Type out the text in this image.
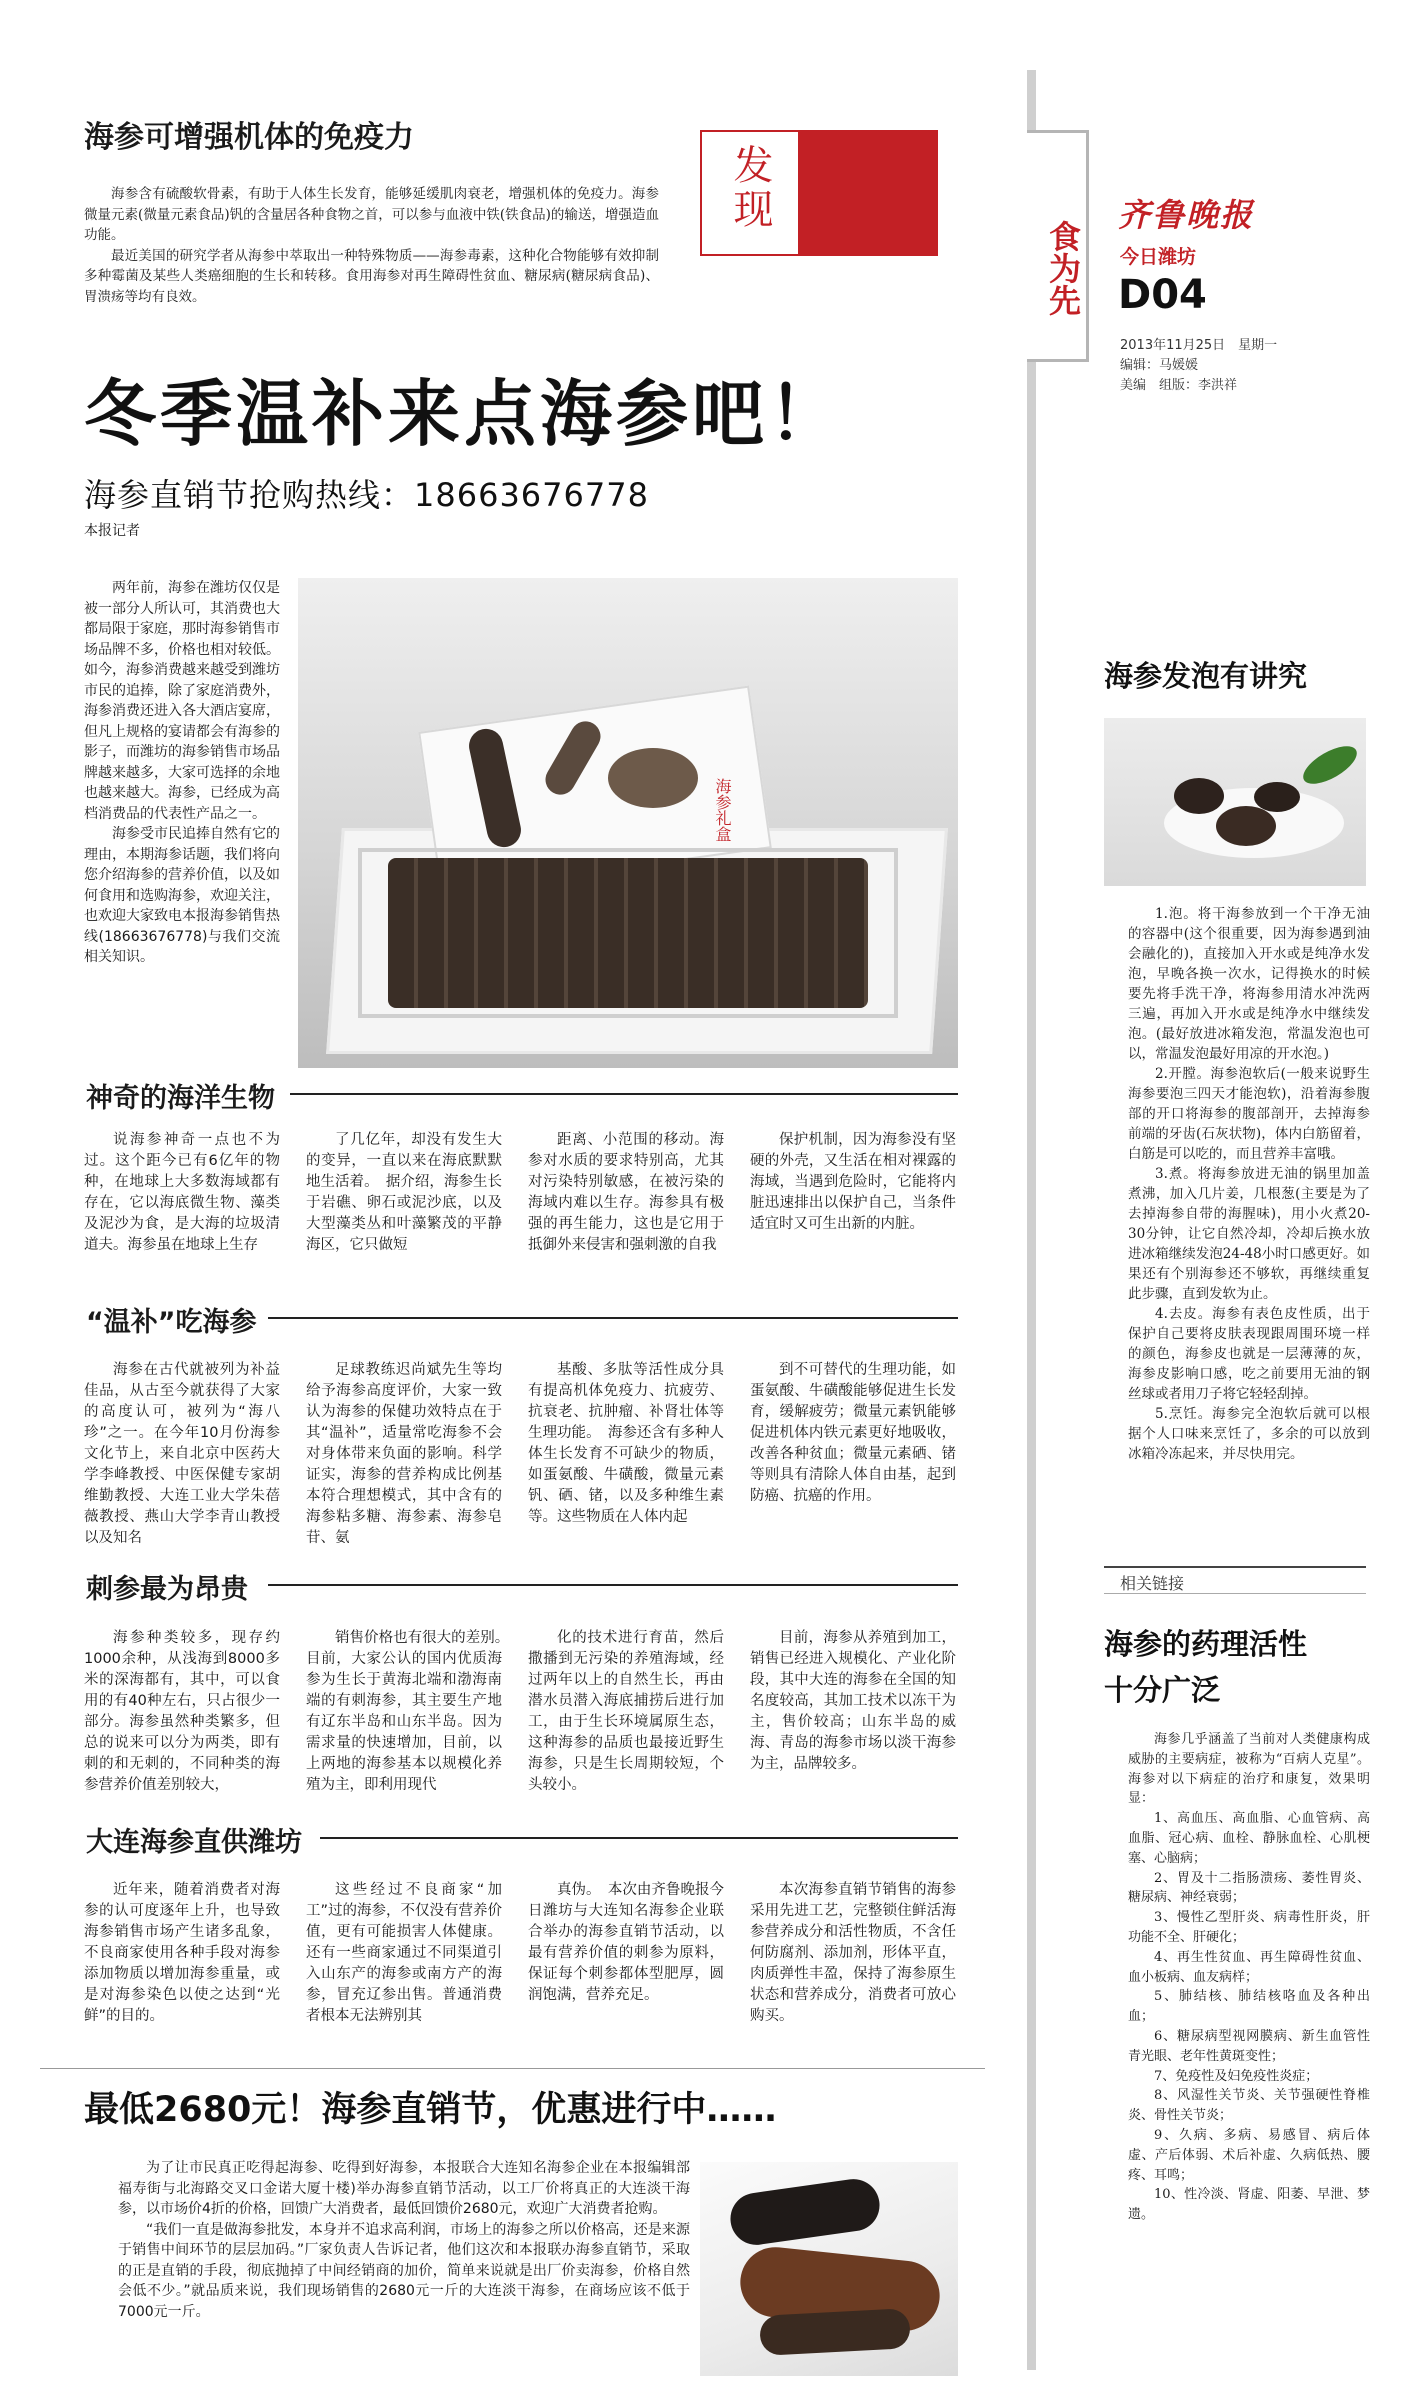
海参可增强机体的免疫力

海参含有硫酸软骨素，有助于人体生长发育，能够延缓肌肉衰老，增强机体的免疫力。海参微量元素(微量元素食品)钒的含量居各种食物之首，可以参与血液中铁(铁食品)的输送，增强造血功能。

最近美国的研究学者从海参中萃取出一种特殊物质——海参毒素，这种化合物能够有效抑制多种霉菌及某些人类癌细胞的生长和转移。食用海参对再生障碍性贫血、糖尿病(糖尿病食品)、胃溃疡等均有良效。

发现
食为先
齐鲁晚报
今日潍坊
D04
2013年11月25日　星期一
编辑：马媛媛
美编　组版：李洪祥
冬季温补来点海参吧！
海参直销节抢购热线：18663676778
本报记者

两年前，海参在潍坊仅仅是被一部分人所认可，其消费也大都局限于家庭，那时海参销售市场品牌不多，价格也相对较低。如今，海参消费越来越受到潍坊市民的追捧，除了家庭消费外，海参消费还进入各大酒店宴席，但凡上规格的宴请都会有海参的影子，而潍坊的海参销售市场品牌越来越多，大家可选择的余地也越来越大。海参，已经成为高档消费品的代表性产品之一。

海参受市民追捧自然有它的理由，本期海参话题，我们将向您介绍海参的营养价值，以及如何食用和选购海参，欢迎关注，也欢迎大家致电本报海参销售热线(18663676778)与我们交流相关知识。

海参礼盒
神奇的海洋生物

说海参神奇一点也不为过。这个距今已有6亿年的物种，在地球上大多数海域都有存在，它以海底微生物、藻类及泥沙为食，是大海的垃圾清道夫。海参虽在地球上生存

了几亿年，却没有发生大的变异，一直以来在海底默默地生活着。　据介绍，海参生长于岩礁、卵石或泥沙底，以及大型藻类丛和叶藻繁茂的平静海区，它只做短

距离、小范围的移动。海参对水质的要求特别高，尤其对污染特别敏感，在被污染的海域内难以生存。海参具有极强的再生能力，这也是它用于抵御外来侵害和强刺激的自我

保护机制，因为海参没有坚硬的外壳，又生活在相对裸露的海域，当遇到危险时，它能将内脏迅速排出以保护自己，当条件适宜时又可生出新的内脏。

“温补”吃海参

海参在古代就被列为补益佳品，从古至今就获得了大家的高度认可，被列为“海八珍”之一。在今年10月份海参文化节上，来自北京中医药大学李峰教授、中医保健专家胡维勤教授、大连工业大学朱蓓薇教授、燕山大学李青山教授以及知名

足球教练迟尚斌先生等均给予海参高度评价，大家一致认为海参的保健功效特点在于其“温补”，适量常吃海参不会对身体带来负面的影响。科学证实，海参的营养构成比例基本符合理想模式，其中含有的海参粘多糖、海参素、海参皂苷、氨

基酸、多肽等活性成分具有提高机体免疫力、抗疲劳、抗衰老、抗肿瘤、补肾壮体等生理功能。　海参还含有多种人体生长发育不可缺少的物质，如蛋氨酸、牛磺酸，微量元素钒、硒、锗，以及多种维生素等。这些物质在人体内起

到不可替代的生理功能，如蛋氨酸、牛磺酸能够促进生长发育，缓解疲劳；微量元素钒能够促进机体内铁元素更好地吸收，改善各种贫血；微量元素硒、锗等则具有清除人体自由基，起到防癌、抗癌的作用。

刺参最为昂贵

海参种类较多，现存约1000余种，从浅海到8000多米的深海都有，其中，可以食用的有40种左右，只占很少一部分。海参虽然种类繁多，但总的说来可以分为两类，即有刺的和无刺的，不同种类的海参营养价值差别较大，

销售价格也有很大的差别。　目前，大家公认的国内优质海参为生长于黄海北端和渤海南端的有刺海参，其主要生产地有辽东半岛和山东半岛。因为需求量的快速增加，目前，以上两地的海参基本以规模化养殖为主，即利用现代

化的技术进行育苗，然后撒播到无污染的养殖海域，经过两年以上的自然生长，再由潜水员潜入海底捕捞后进行加工，由于生长环境属原生态，这种海参的品质也最接近野生海参，只是生长周期较短，个头较小。

目前，海参从养殖到加工，销售已经进入规模化、产业化阶段，其中大连的海参在全国的知名度较高，其加工技术以冻干为主，售价较高；山东半岛的威海、青岛的海参市场以淡干海参为主，品牌较多。

大连海参直供潍坊

近年来，随着消费者对海参的认可度逐年上升，也导致海参销售市场产生诸多乱象，不良商家使用各种手段对海参添加物质以增加海参重量，或是对海参染色以使之达到“光鲜”的目的。

这些经过不良商家“加工”过的海参，不仅没有营养价值，更有可能损害人体健康。还有一些商家通过不同渠道引入山东产的海参或南方产的海参，冒充辽参出售。普通消费者根本无法辨别其

真伪。　本次由齐鲁晚报今日潍坊与大连知名海参企业联合举办的海参直销节活动，以最有营养价值的刺参为原料，保证每个刺参都体型肥厚，圆润饱满，营养充足。

本次海参直销节销售的海参采用先进工艺，完整锁住鲜活海参营养成分和活性物质，不含任何防腐剂、添加剂，形体平直，肉质弹性丰盈，保持了海参原生状态和营养成分，消费者可放心购买。

最低2680元！海参直销节，优惠进行中……

为了让市民真正吃得起海参、吃得到好海参，本报联合大连知名海参企业在本报编辑部福寿街与北海路交叉口金诺大厦十楼)举办海参直销节活动，以工厂价将真正的大连淡干海参，以市场价4折的价格，回馈广大消费者，最低回馈价2680元，欢迎广大消费者抢购。

“我们一直是做海参批发，本身并不追求高利润，市场上的海参之所以价格高，还是来源于销售中间环节的层层加码。”厂家负责人告诉记者，他们这次和本报联办海参直销节，采取的正是直销的手段，彻底抛掉了中间经销商的加价，简单来说就是出厂价卖海参，价格自然会低不少。”就品质来说，我们现场销售的2680元一斤的大连淡干海参，在商场应该不低于7000元一斤。

海参发泡有讲究

1.泡。将干海参放到一个干净无油的容器中(这个很重要，因为海参遇到油会融化的)，直接加入开水或是纯净水发泡，早晚各换一次水，记得换水的时候要先将手洗干净，将海参用清水冲洗两三遍，再加入开水或是纯净水中继续发泡。(最好放进冰箱发泡，常温发泡也可以，常温发泡最好用凉的开水泡。)

2.开膛。海参泡软后(一般来说野生海参要泡三四天才能泡软)，沿着海参腹部的开口将海参的腹部剖开，去掉海参前端的牙齿(石灰状物)，体内白筋留着，白筋是可以吃的，而且营养丰富哦。

3.煮。将海参放进无油的锅里加盖煮沸，加入几片姜，几根葱(主要是为了去掉海参自带的海腥味)，用小火煮20-30分钟，让它自然冷却，冷却后换水放进冰箱继续发泡24-48小时口感更好。如果还有个别海参还不够软，再继续重复此步骤，直到发软为止。

4.去皮。海参有表色皮性质，出于保护自己要将皮肤表现跟周围环境一样的颜色，海参皮也就是一层薄薄的灰，海参皮影响口感，吃之前要用无油的钢丝球或者用刀子将它轻轻刮掉。

5.烹饪。海参完全泡软后就可以根据个人口味来烹饪了，多余的可以放到冰箱冷冻起来，并尽快用完。

相关链接
海参的药理活性
十分广泛

海参几乎涵盖了当前对人类健康构成威胁的主要病症，被称为“百病人克星”。海参对以下病症的治疗和康复，效果明显：

1、高血压、高血脂、心血管病、高血脂、冠心病、血栓、静脉血栓、心肌梗塞、心脑病；

2、胃及十二指肠溃疡、萎性胃炎、糖尿病、神经衰弱；

3、慢性乙型肝炎、病毒性肝炎，肝功能不全、肝硬化；

4、再生性贫血、再生障碍性贫血、血小板病、血友病样；

5、肺结核、肺结核咯血及各种出血；

6、糖尿病型视网膜病、新生血管性青光眼、老年性黄斑变性；

7、免疫性及妇免疫性炎症；

8、风湿性关节炎、关节强硬性脊椎炎、骨性关节炎；

9、久病、多病、易感冒、病后体虚、产后体弱、术后补虚、久病低热、腰疼、耳鸣；

10、性冷淡、肾虚、阳萎、早泄、梦遗。
